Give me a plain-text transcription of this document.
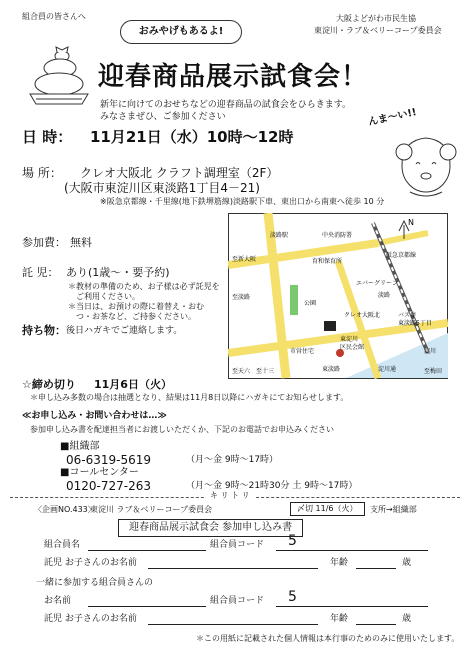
組合員の皆さんへ	大阪よどがわ市民生協
東淀川・ラブ＆ベリーコープ委員会
おみやげもあるよ!
迎春商品展示試食会！
新年に向けてのおせちなどの迎春商品の試食会をひらきます。
みなさまぜひ、ご参加ください	んま〜い!!
日 時： 11月21日（水）10時〜12時
場 所： クレオ大阪北 クラフト調理室（2F）
(大阪市東淀川区東淡路1丁目4－21)
※阪急京都線・千里線(地下鉄堺筋線)淡路駅下車、東出口から南東へ徒歩 10 分
参加費： 無料
託 児： あり(1歳〜・要予約)
＊教材の準備のため、お子様は必ず託児を
ご利用ください。
＊当日は、お預けの際に着替え・おむ
つ・お茶など、ご持参ください。
持ち物： 後日ハガキでご連絡します。
N
淡路駅
育和保育所
公園
クレオ大阪北
エバーグリーン
淡路
バス停
東淡路5丁目
市営住宅
東淀川
区民会館
東淡路
至淡路
至新大阪
至天六 至十三	淀川通
淀川
至梅田
中央消防署
阪急京都線
☆締め切り 11月6日（火）
＊申し込み多数の場合は抽選となり、結果は11月8日以降にハガキにてお知らせします。
≪お申し込み・お問い合わせは…≫
参加申し込み書を配達担当者にお渡しいただくか、下記のお電話でお申込みください
■組織部
06-6319-5619	（月〜金 9時〜17時）
■コールセンター
0120-727-263	（月〜金 9時〜21時30分 土 9時〜17時）
キ リ ト リ
〈企画NO.433〉
東淀川 ラブ＆ベリーコープ委員会	〆切 11/6（火）	支所→組織部
迎春商品展示試食会 参加申し込み書
組合員名	組合員コード 5
託児 お子さんのお名前	年齢	歳
一緒に参加する組合員さんの
お名前	組合員コード 5
託児 お子さんのお名前	年齢	歳
＊この用紙に記載された個人情報は本行事のためのみに使用いたします。
